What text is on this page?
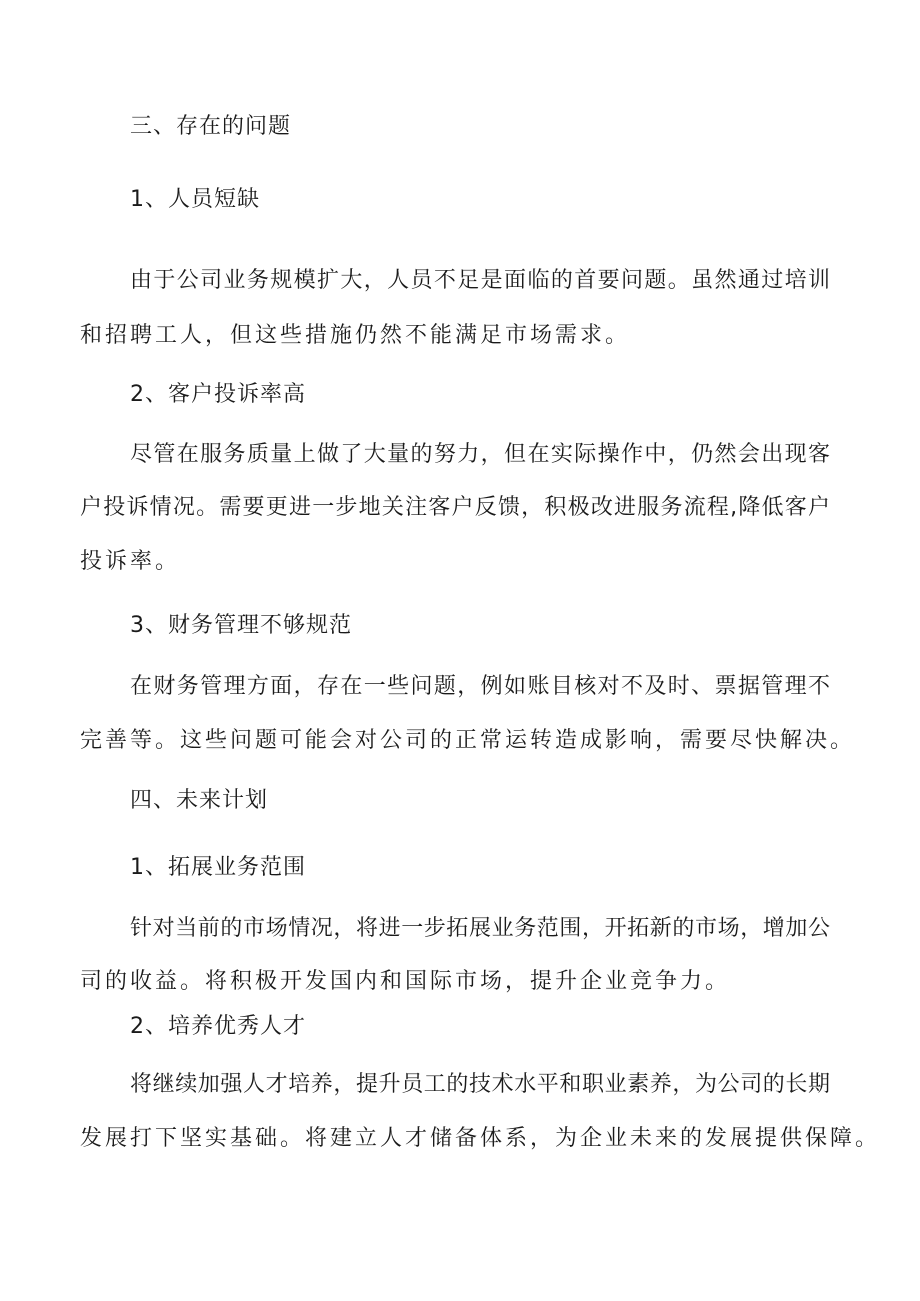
三、存在的问题
1、人员短缺
由于公司业务规模扩大，人员不足是面临的首要问题。虽然通过培训
和招聘工人，但这些措施仍然不能满足市场需求。
2、客户投诉率高
尽管在服务质量上做了大量的努力，但在实际操作中，仍然会出现客
户投诉情况。需要更进一步地关注客户反馈，积极改进服务流程,降低客户
投诉率。
3、财务管理不够规范
在财务管理方面，存在一些问题，例如账目核对不及时、票据管理不
完善等。这些问题可能会对公司的正常运转造成影响，需要尽快解决。
四、未来计划
1、拓展业务范围
针对当前的市场情况，将进一步拓展业务范围，开拓新的市场，增加公
司的收益。将积极开发国内和国际市场，提升企业竞争力。
2、培养优秀人才
将继续加强人才培养，提升员工的技术水平和职业素养，为公司的长期
发展打下坚实基础。将建立人才储备体系，为企业未来的发展提供保障。
